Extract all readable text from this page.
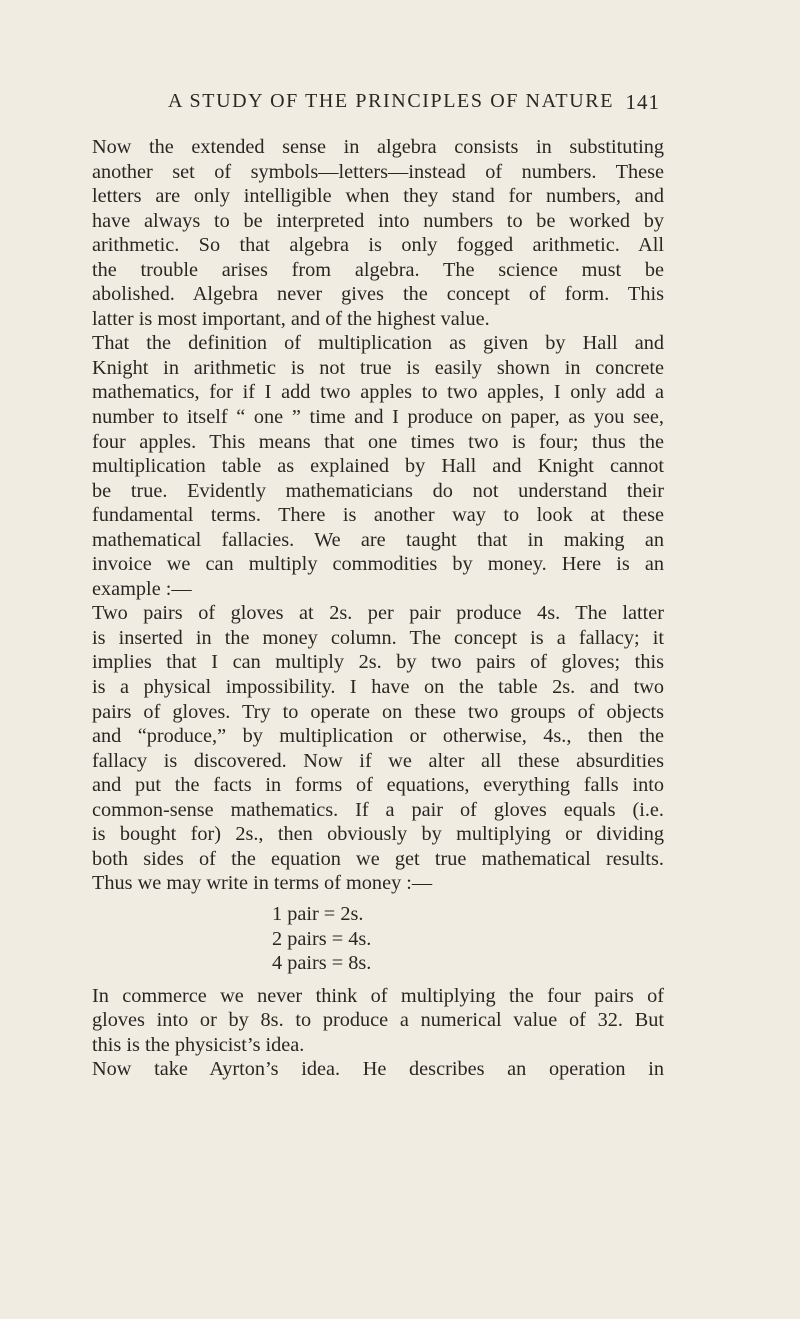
A STUDY OF THE PRINCIPLES OF NATURE 141
Now the extended sense in algebra consists in substituting
another set of symbols—letters—instead of numbers. These
letters are only intelligible when they stand for numbers, and
have always to be interpreted into numbers to be worked by
arithmetic. So that algebra is only fogged arithmetic. All
the trouble arises from algebra. The science must be
abolished. Algebra never gives the concept of form. This
latter is most important, and of the highest value.
That the definition of multiplication as given by Hall and
Knight in arithmetic is not true is easily shown in concrete
mathematics, for if I add two apples to two apples, I only add a
number to itself “ one ” time and I produce on paper, as you see,
four apples. This means that one times two is four; thus the
multiplication table as explained by Hall and Knight cannot
be true. Evidently mathematicians do not understand their
fundamental terms. There is another way to look at these
mathematical fallacies. We are taught that in making an
invoice we can multiply commodities by money. Here is an
example :—
Two pairs of gloves at 2s. per pair produce 4s. The latter
is inserted in the money column. The concept is a fallacy; it
implies that I can multiply 2s. by two pairs of gloves; this
is a physical impossibility. I have on the table 2s. and two
pairs of gloves. Try to operate on these two groups of objects
and “produce,” by multiplication or otherwise, 4s., then the
fallacy is discovered. Now if we alter all these absurdities
and put the facts in forms of equations, everything falls into
common-sense mathematics. If a pair of gloves equals (i.e.
is bought for) 2s., then obviously by multiplying or dividing
both sides of the equation we get true mathematical results.
Thus we may write in terms of money :—
1 pair = 2s.
2 pairs = 4s.
4 pairs = 8s.
In commerce we never think of multiplying the four pairs of
gloves into or by 8s. to produce a numerical value of 32. But
this is the physicist’s idea.
Now take Ayrton’s idea. He describes an operation in
